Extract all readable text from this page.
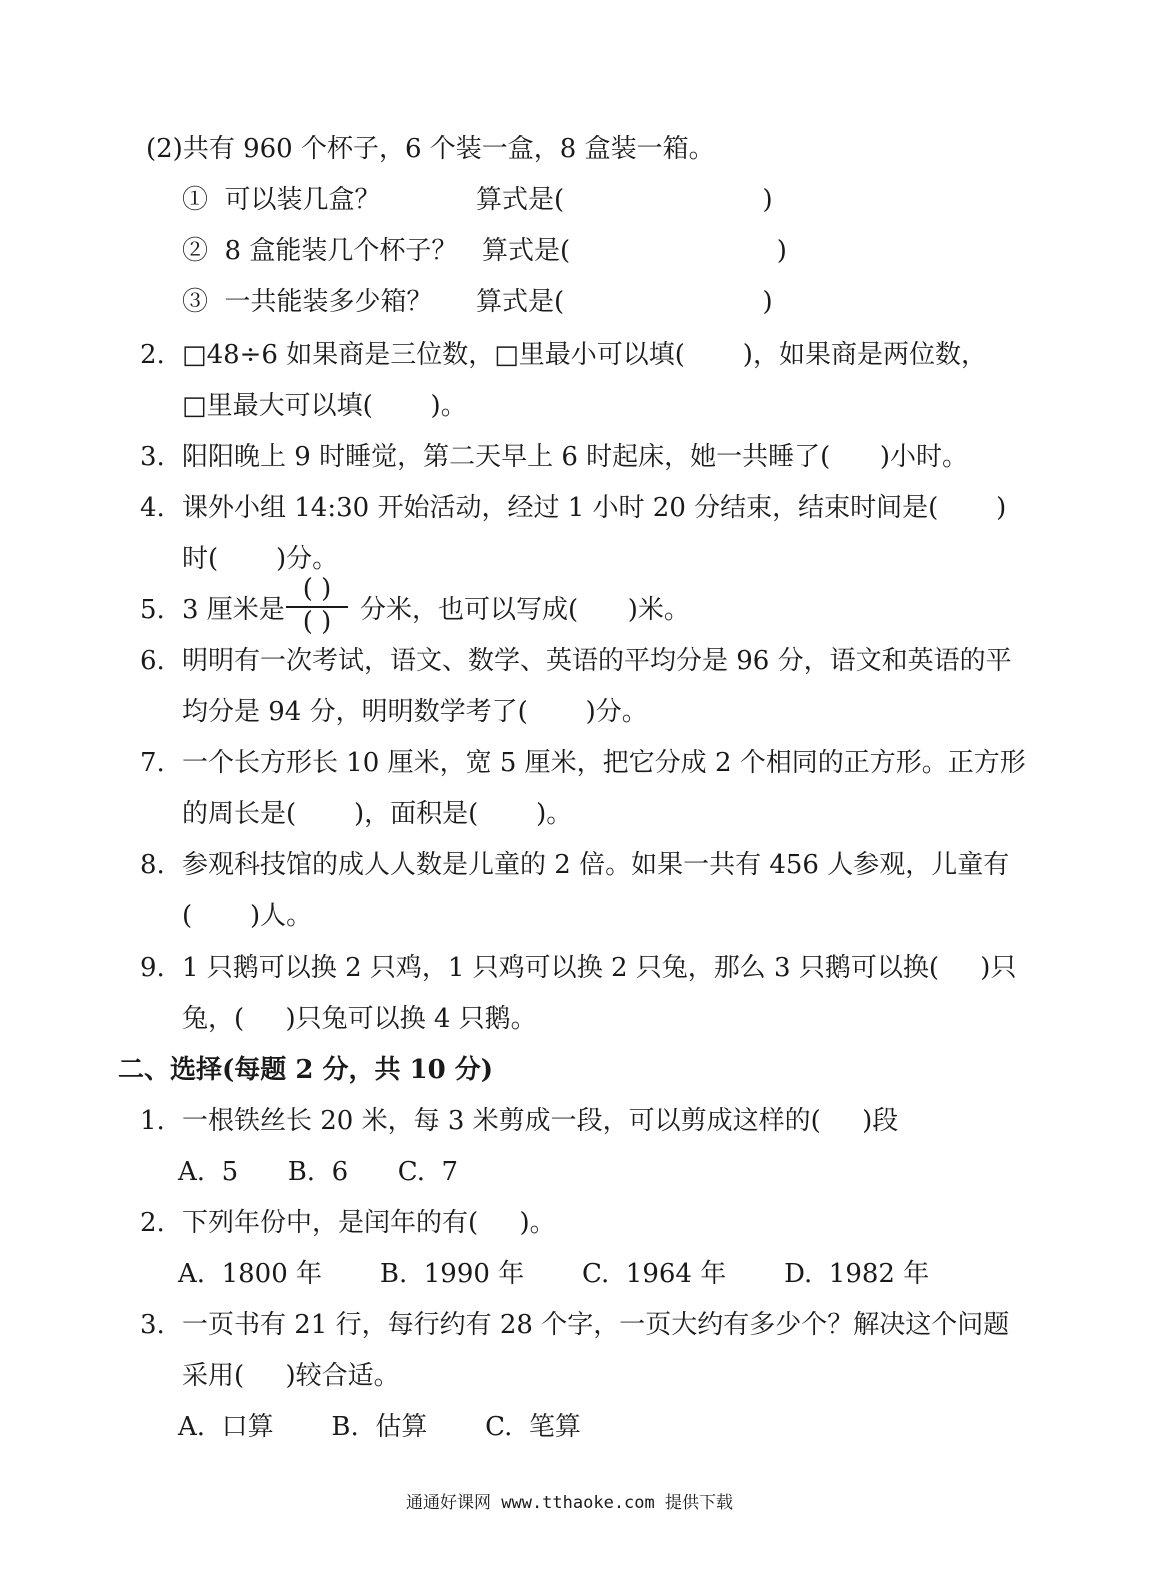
(2)共有 960 个杯子，6 个装一盒，8 盒装一箱。
①  可以装几盒？	算式是(                        )
②  8 盒能装几个杯子？ 算式是(                         )
③  一共能装多少箱？ 算式是(                        )
2. □48÷6 如果商是三位数，□里最小可以填(       )，如果商是两位数，
□里最大可以填(       )。
3. 阳阳晚上 9 时睡觉，第二天早上 6 时起床，她一共睡了(      )小时。
4. 课外小组 14:30 开始活动，经过 1 小时 20 分结束，结束时间是(       )
时(       )分。
5. 3 厘米是
( )
( )	分米，也可以写成(      )米。
6. 明明有一次考试，语文、数学、英语的平均分是 96 分，语文和英语的平
均分是 94 分，明明数学考了(       )分。
7. 一个长方形长 10 厘米，宽 5 厘米，把它分成 2 个相同的正方形。正方形
的周长是(       )，面积是(       )。
8. 参观科技馆的成人人数是儿童的 2 倍。如果一共有 456 人参观，儿童有
(       )人。
9. 1 只鹅可以换 2 只鸡，1 只鸡可以换 2 只兔，那么 3 只鹅可以换(     )只
兔，(     )只兔可以换 4 只鹅。
二、选择(每题 2 分，共 10 分)
1. 一根铁丝长 20 米，每 3 米剪成一段，可以剪成这样的(     )段
A.  5      B.  6      C.  7
2. 下列年份中，是闰年的有(     )。
A.  1800 年       B.  1990 年       C.  1964 年       D.  1982 年
3. 一页书有 21 行，每行约有 28 个字，一页大约有多少个？解决这个问题
采用(     )较合适。
A.  口算       B.  估算       C.  笔算
通通好课网 www.tthaoke.com 提供下载
